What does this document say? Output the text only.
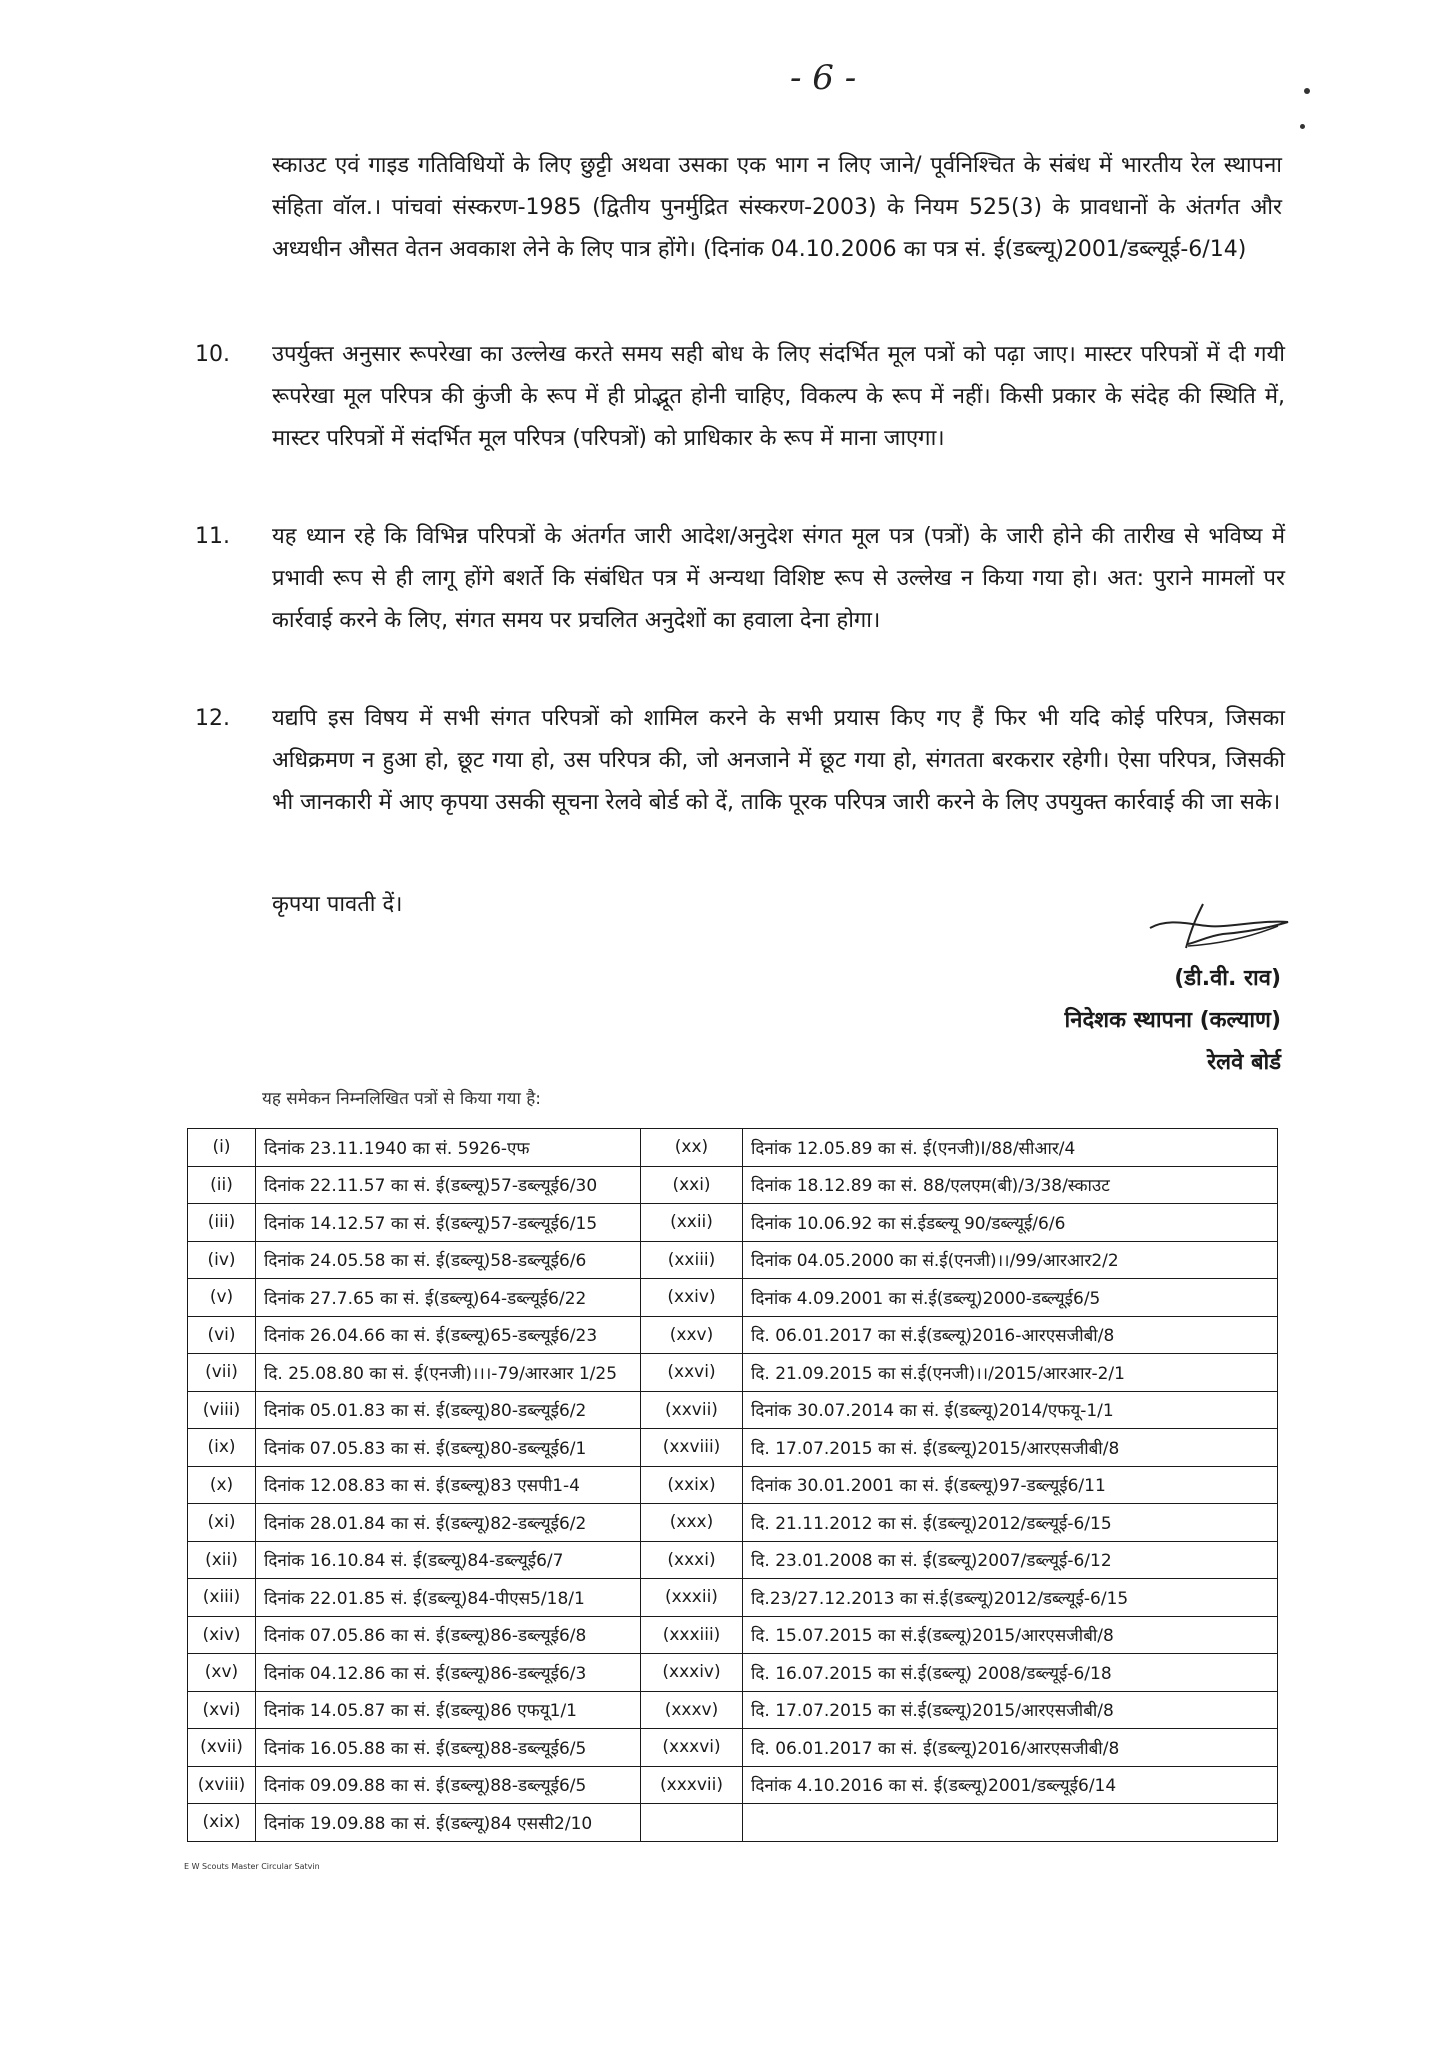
- 6 -
स्काउट एवं गाइड गतिविधियों के लिए छुट्टी अथवा उसका एक भाग न लिए जाने/ पूर्वनिश्चित के संबंध में भारतीय रेल स्थापना संहिता वॉल.। पांचवां संस्करण-1985 (द्वितीय पुनर्मुद्रित संस्करण-2003) के नियम 525(3) के प्रावधानों के अंतर्गत और अध्यधीन औसत वेतन अवकाश लेने के लिए पात्र होंगे। (दिनांक 04.10.2006 का पत्र सं. ई(डब्ल्यू)2001/डब्ल्यूई-6/14)
10. उपर्युक्त अनुसार रूपरेखा का उल्लेख करते समय सही बोध के लिए संदर्भित मूल पत्रों को पढ़ा जाए। मास्टर परिपत्रों में दी गयी रूपरेखा मूल परिपत्र की कुंजी के रूप में ही प्रोद्भूत होनी चाहिए, विकल्प के रूप में नहीं। किसी प्रकार के संदेह की स्थिति में, मास्टर परिपत्रों में संदर्भित मूल परिपत्र (परिपत्रों) को प्राधिकार के रूप में माना जाएगा।
11. यह ध्यान रहे कि विभिन्न परिपत्रों के अंतर्गत जारी आदेश/अनुदेश संगत मूल पत्र (पत्रों) के जारी होने की तारीख से भविष्य में प्रभावी रूप से ही लागू होंगे बशर्ते कि संबंधित पत्र में अन्यथा विशिष्ट रूप से उल्लेख न किया गया हो। अत: पुराने मामलों पर कार्रवाई करने के लिए, संगत समय पर प्रचलित अनुदेशों का हवाला देना होगा।
12. यद्यपि इस विषय में सभी संगत परिपत्रों को शामिल करने के सभी प्रयास किए गए हैं फिर भी यदि कोई परिपत्र, जिसका अधिक्रमण न हुआ हो, छूट गया हो, उस परिपत्र की, जो अनजाने में छूट गया हो, संगतता बरकरार रहेगी। ऐसा परिपत्र, जिसकी भी जानकारी में आए कृपया उसकी सूचना रेलवे बोर्ड को दें, ताकि पूरक परिपत्र जारी करने के लिए उपयुक्त कार्रवाई की जा सके।
कृपया पावती दें।
(डी.वी. राव)
निदेशक स्थापना (कल्याण)
रेलवे बोर्ड
यह समेकन निम्नलिखित पत्रों से किया गया है:
(i)	दिनांक 23.11.1940 का सं. 5926-एफ	(xx)	दिनांक 12.05.89 का सं. ई(एनजी)I/88/सीआर/4
(ii)	दिनांक 22.11.57 का सं. ई(डब्ल्यू)57-डब्ल्यूई6/30	(xxi)	दिनांक 18.12.89 का सं. 88/एलएम(बी)/3/38/स्काउट
(iii)	दिनांक 14.12.57 का सं. ई(डब्ल्यू)57-डब्ल्यूई6/15	(xxii)	दिनांक 10.06.92 का सं.ईडब्ल्यू 90/डब्ल्यूई/6/6
(iv)	दिनांक 24.05.58 का सं. ई(डब्ल्यू)58-डब्ल्यूई6/6	(xxiii)	दिनांक 04.05.2000 का सं.ई(एनजी)।।/99/आरआर2/2
(v)	दिनांक 27.7.65 का सं. ई(डब्ल्यू)64-डब्ल्यूई6/22	(xxiv)	दिनांक 4.09.2001 का सं.ई(डब्ल्यू)2000-डब्ल्यूई6/5
(vi)	दिनांक 26.04.66 का सं. ई(डब्ल्यू)65-डब्ल्यूई6/23	(xxv)	दि. 06.01.2017 का सं.ई(डब्ल्यू)2016-आरएसजीबी/8
(vii)	दि. 25.08.80 का सं. ई(एनजी)।।।-79/आरआर 1/25	(xxvi)	दि. 21.09.2015 का सं.ई(एनजी)।।/2015/आरआर-2/1
(viii)	दिनांक 05.01.83 का सं. ई(डब्ल्यू)80-डब्ल्यूई6/2	(xxvii)	दिनांक 30.07.2014 का सं. ई(डब्ल्यू)2014/एफयू-1/1
(ix)	दिनांक 07.05.83 का सं. ई(डब्ल्यू)80-डब्ल्यूई6/1	(xxviii)	दि. 17.07.2015 का सं. ई(डब्ल्यू)2015/आरएसजीबी/8
(x)	दिनांक 12.08.83 का सं. ई(डब्ल्यू)83 एसपी1-4	(xxix)	दिनांक 30.01.2001 का सं. ई(डब्ल्यू)97-डब्ल्यूई6/11
(xi)	दिनांक 28.01.84 का सं. ई(डब्ल्यू)82-डब्ल्यूई6/2	(xxx)	दि. 21.11.2012 का सं. ई(डब्ल्यू)2012/डब्ल्यूई-6/15
(xii)	दिनांक 16.10.84 सं. ई(डब्ल्यू)84-डब्ल्यूई6/7	(xxxi)	दि. 23.01.2008 का सं. ई(डब्ल्यू)2007/डब्ल्यूई-6/12
(xiii)	दिनांक 22.01.85 सं. ई(डब्ल्यू)84-पीएस5/18/1	(xxxii)	दि.23/27.12.2013 का सं.ई(डब्ल्यू)2012/डब्ल्यूई-6/15
(xiv)	दिनांक 07.05.86 का सं. ई(डब्ल्यू)86-डब्ल्यूई6/8	(xxxiii)	दि. 15.07.2015 का सं.ई(डब्ल्यू)2015/आरएसजीबी/8
(xv)	दिनांक 04.12.86 का सं. ई(डब्ल्यू)86-डब्ल्यूई6/3	(xxxiv)	दि. 16.07.2015 का सं.ई(डब्ल्यू) 2008/डब्ल्यूई-6/18
(xvi)	दिनांक 14.05.87 का सं. ई(डब्ल्यू)86 एफयू1/1	(xxxv)	दि. 17.07.2015 का सं.ई(डब्ल्यू)2015/आरएसजीबी/8
(xvii)	दिनांक 16.05.88 का सं. ई(डब्ल्यू)88-डब्ल्यूई6/5	(xxxvi)	दि. 06.01.2017 का सं. ई(डब्ल्यू)2016/आरएसजीबी/8
(xviii)	दिनांक 09.09.88 का सं. ई(डब्ल्यू)88-डब्ल्यूई6/5	(xxxvii)	दिनांक 4.10.2016 का सं. ई(डब्ल्यू)2001/डब्ल्यूई6/14
(xix)	दिनांक 19.09.88 का सं. ई(डब्ल्यू)84 एससी2/10		
E W Scouts Master Circular Satvin
